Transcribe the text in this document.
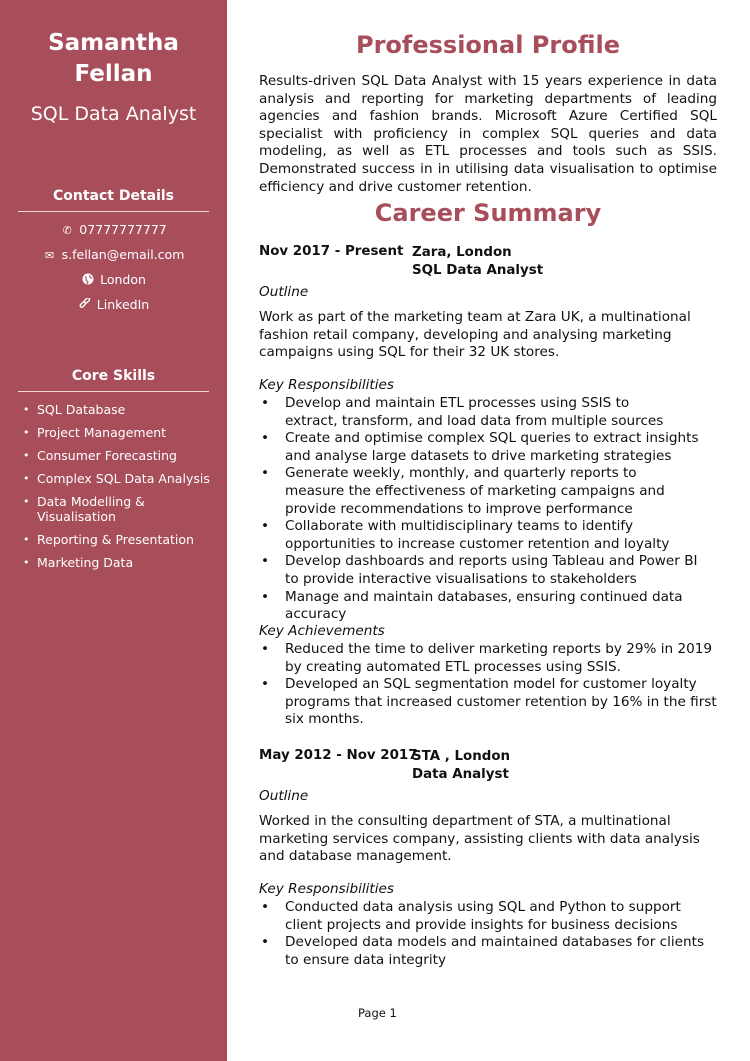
Samantha
Fellan
SQL Data Analyst
Contact Details
✆ 07777777777
✉ s.fellan@email.com
London
LinkedIn
Core Skills
• SQL Database
• Project Management
• Consumer Forecasting
• Complex SQL Data Analysis
• Data Modelling & Visualisation
• Reporting & Presentation
• Marketing Data
Professional Profile

Results-driven SQL Data Analyst with 15 years experience in data analysis and reporting for marketing departments of leading agencies and fashion brands. Microsoft Azure Certified SQL specialist with proficiency in complex SQL queries and data modeling, as well as ETL processes and tools such as SSIS. Demonstrated success in in utilising data visualisation to optimise efficiency and drive customer retention.

Career Summary
Nov 2017 - Present Zara, London
SQL Data Analyst
Outline

Work as part of the marketing team at Zara UK, a multinational fashion retail company, developing and analysing marketing campaigns using SQL for their 32 UK stores.

Key Responsibilities
• Develop and maintain ETL processes using SSIS to extract, transform, and load data from multiple sources
• Create and optimise complex SQL queries to extract insights and analyse large datasets to drive marketing strategies
• Generate weekly, monthly, and quarterly reports to measure the effectiveness of marketing campaigns and provide recommendations to improve performance
• Collaborate with multidisciplinary teams to identify opportunities to increase customer retention and loyalty
• Develop dashboards and reports using Tableau and Power BI to provide interactive visualisations to stakeholders
• Manage and maintain databases, ensuring continued data accuracy
Key Achievements
• Reduced the time to deliver marketing reports by 29% in 2019 by creating automated ETL processes using SSIS.
• Developed an SQL segmentation model for customer loyalty programs that increased customer retention by 16% in the first six months.
May 2012 - Nov 2017
STA , London
Data Analyst
Outline

Worked in the consulting department of STA, a multinational marketing services company, assisting clients with data analysis and database management.

Key Responsibilities
• Conducted data analysis using SQL and Python to support client projects and provide insights for business decisions
• Developed data models and maintained databases for clients to ensure data integrity
Page 1
